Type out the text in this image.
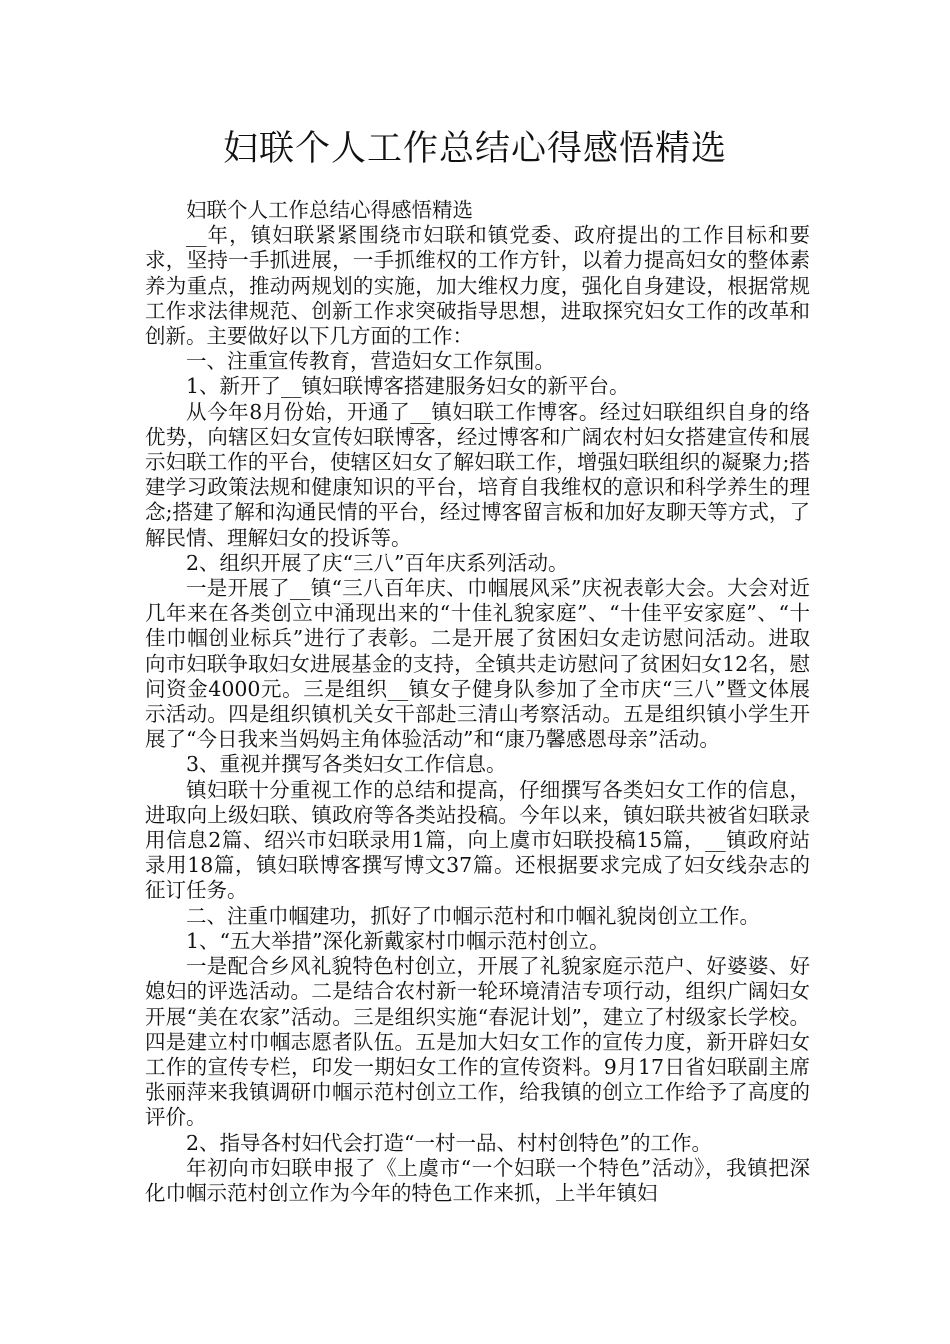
妇联个人工作总结心得感悟精选

妇联个人工作总结心得感悟精选

__年，镇妇联紧紧围绕市妇联和镇党委、政府提出的工作目标和要求，坚持一手抓进展，一手抓维权的工作方针，以着力提高妇女的整体素养为重点，推动两规划的实施，加大维权力度，强化自身建设，根据常规工作求法律规范、创新工作求突破指导思想，进取探究妇女工作的改革和创新。主要做好以下几方面的工作：

一、注重宣传教育，营造妇女工作氛围。

1、新开了__镇妇联博客搭建服务妇女的新平台。

从今年8月份始，开通了__镇妇联工作博客。经过妇联组织自身的络优势，向辖区妇女宣传妇联博客，经过博客和广阔农村妇女搭建宣传和展示妇联工作的平台，使辖区妇女了解妇联工作，增强妇联组织的凝聚力;搭建学习政策法规和健康知识的平台，培育自我维权的意识和科学养生的理念;搭建了解和沟通民情的平台，经过博客留言板和加好友聊天等方式，了解民情、理解妇女的投诉等。

2、组织开展了庆“三八”百年庆系列活动。

一是开展了__镇“三八百年庆、巾帼展风采”庆祝表彰大会。大会对近几年来在各类创立中涌现出来的“十佳礼貌家庭”、“十佳平安家庭”、“十佳巾帼创业标兵”进行了表彰。二是开展了贫困妇女走访慰问活动。进取向市妇联争取妇女进展基金的支持，全镇共走访慰问了贫困妇女12名，慰问资金4000元。三是组织__镇女子健身队参加了全市庆“三八”暨文体展示活动。四是组织镇机关女干部赴三清山考察活动。五是组织镇小学生开展了“今日我来当妈妈主角体验活动”和“康乃馨感恩母亲”活动。

3、重视并撰写各类妇女工作信息。

镇妇联十分重视工作的总结和提高，仔细撰写各类妇女工作的信息，进取向上级妇联、镇政府等各类站投稿。今年以来，镇妇联共被省妇联录用信息2篇、绍兴市妇联录用1篇，向上虞市妇联投稿15篇，__镇政府站录用18篇，镇妇联博客撰写博文37篇。还根据要求完成了妇女线杂志的征订任务。

二、注重巾帼建功，抓好了巾帼示范村和巾帼礼貌岗创立工作。

1、“五大举措”深化新戴家村巾帼示范村创立。

一是配合乡风礼貌特色村创立，开展了礼貌家庭示范户、好婆婆、好媳妇的评选活动。二是结合农村新一轮环境清洁专项行动，组织广阔妇女开展“美在农家”活动。三是组织实施“春泥计划”，建立了村级家长学校。四是建立村巾帼志愿者队伍。五是加大妇女工作的宣传力度，新开辟妇女工作的宣传专栏，印发一期妇女工作的宣传资料。9月17日省妇联副主席张丽萍来我镇调研巾帼示范村创立工作，给我镇的创立工作给予了高度的评价。

2、指导各村妇代会打造“一村一品、村村创特色”的工作。

年初向市妇联申报了《上虞市“一个妇联一个特色”活动》，我镇把深化巾帼示范村创立作为今年的特色工作来抓，上半年镇妇
